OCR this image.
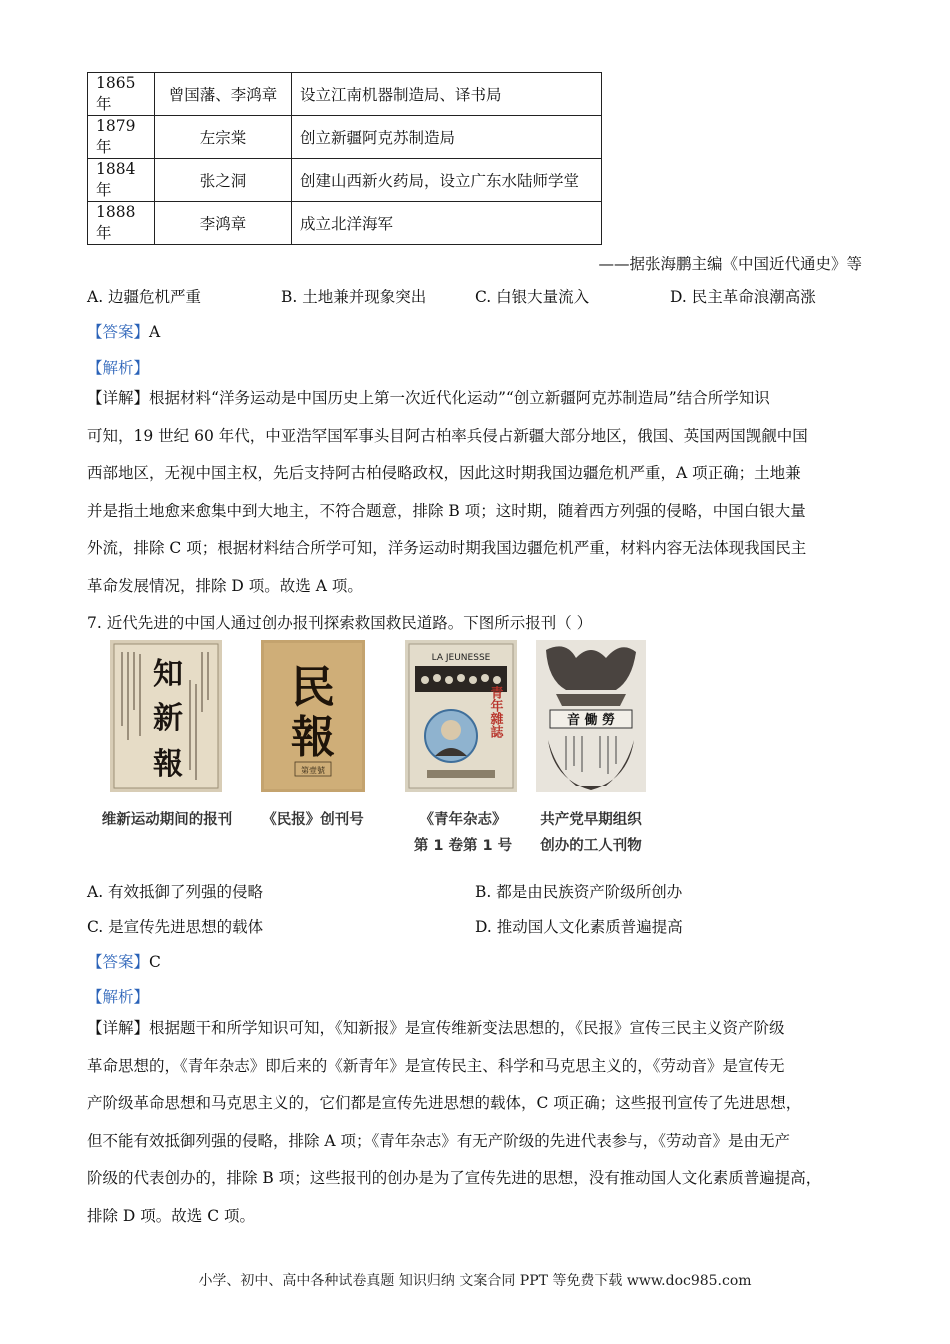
1865年	曾国藩、李鸿章	设立江南机器制造局、译书局
1879年	左宗棠	创立新疆阿克苏制造局
1884年	张之洞	创建山西新火药局，设立广东水陆师学堂
1888年	李鸿章	成立北洋海军
——据张海鹏主编《中国近代通史》等
A. 边疆危机严重	B. 土地兼并现象突出	C. 白银大量流入	D. 民主革命浪潮高涨
【答案】A
【解析】

【详解】根据材料“洋务运动是中国历史上第一次近代化运动”“创立新疆阿克苏制造局”结合所学知识

可知，19 世纪 60 年代，中亚浩罕国军事头目阿古柏率兵侵占新疆大部分地区，俄国、英国两国觊觎中国

西部地区，无视中国主权，先后支持阿古柏侵略政权，因此这时期我国边疆危机严重，A 项正确；土地兼

并是指土地愈来愈集中到大地主，不符合题意，排除 B 项；这时期，随着西方列强的侵略，中国白银大量

外流，排除 C 项；根据材料结合所学可知，洋务运动时期我国边疆危机严重，材料内容无法体现我国民主

革命发展情况，排除 D 项。故选 A 项。

7. 近代先进的中国人通过创办报刊探索救国救民道路。下图所示报刊（ ）
知
新
報
维新运动期间的报刊
民
報
第壹號
《民报》创刊号
LA JEUNESSE
青年雜誌
《青年杂志》
第 1 卷第 1 号
音 働 勞
共产党早期组织
创办的工人刊物
A. 有效抵御了列强的侵略	B. 都是由民族资产阶级所创办
C. 是宣传先进思想的载体	D. 推动国人文化素质普遍提高
【答案】C
【解析】

【详解】根据题干和所学知识可知，《知新报》是宣传维新变法思想的，《民报》宣传三民主义资产阶级

革命思想的，《青年杂志》即后来的《新青年》是宣传民主、科学和马克思主义的，《劳动音》是宣传无

产阶级革命思想和马克思主义的，它们都是宣传先进思想的载体，C 项正确；这些报刊宣传了先进思想，

但不能有效抵御列强的侵略，排除 A 项；《青年杂志》有无产阶级的先进代表参与，《劳动音》是由无产

阶级的代表创办的，排除 B 项；这些报刊的创办是为了宣传先进的思想，没有推动国人文化素质普遍提高，

排除 D 项。故选 C 项。

小学、初中、高中各种试卷真题 知识归纳 文案合同 PPT 等免费下载 www.doc985.com
